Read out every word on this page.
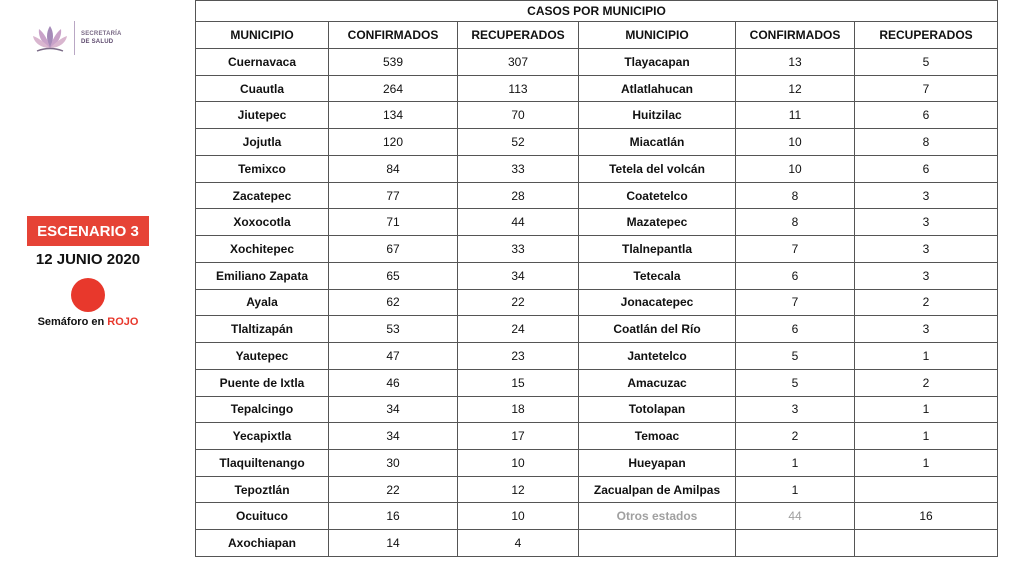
SECRETARÍA
DE SALUD
ESCENARIO 3
12 JUNIO 2020
Semáforo en ROJO
CASOS POR MUNICIPIO					
MUNICIPIO	CONFIRMADOS	RECUPERADOS	MUNICIPIO	CONFIRMADOS	RECUPERADOS
Cuernavaca	539	307	Tlayacapan	13	5
Cuautla	264	113	Atlatlahucan	12	7
Jiutepec	134	70	Huitzilac	11	6
Jojutla	120	52	Miacatlán	10	8
Temixco	84	33	Tetela del volcán	10	6
Zacatepec	77	28	Coatetelco	8	3
Xoxocotla	71	44	Mazatepec	8	3
Xochitepec	67	33	Tlalnepantla	7	3
Emiliano Zapata	65	34	Tetecala	6	3
Ayala	62	22	Jonacatepec	7	2
Tlaltizapán	53	24	Coatlán del Río	6	3
Yautepec	47	23	Jantetelco	5	1
Puente de Ixtla	46	15	Amacuzac	5	2
Tepalcingo	34	18	Totolapan	3	1
Yecapixtla	34	17	Temoac	2	1
Tlaquiltenango	30	10	Hueyapan	1	1
Tepoztlán	22	12	Zacualpan de Amilpas	1	
Ocuituco	16	10	Otros estados	44	16
Axochiapan	14	4			
